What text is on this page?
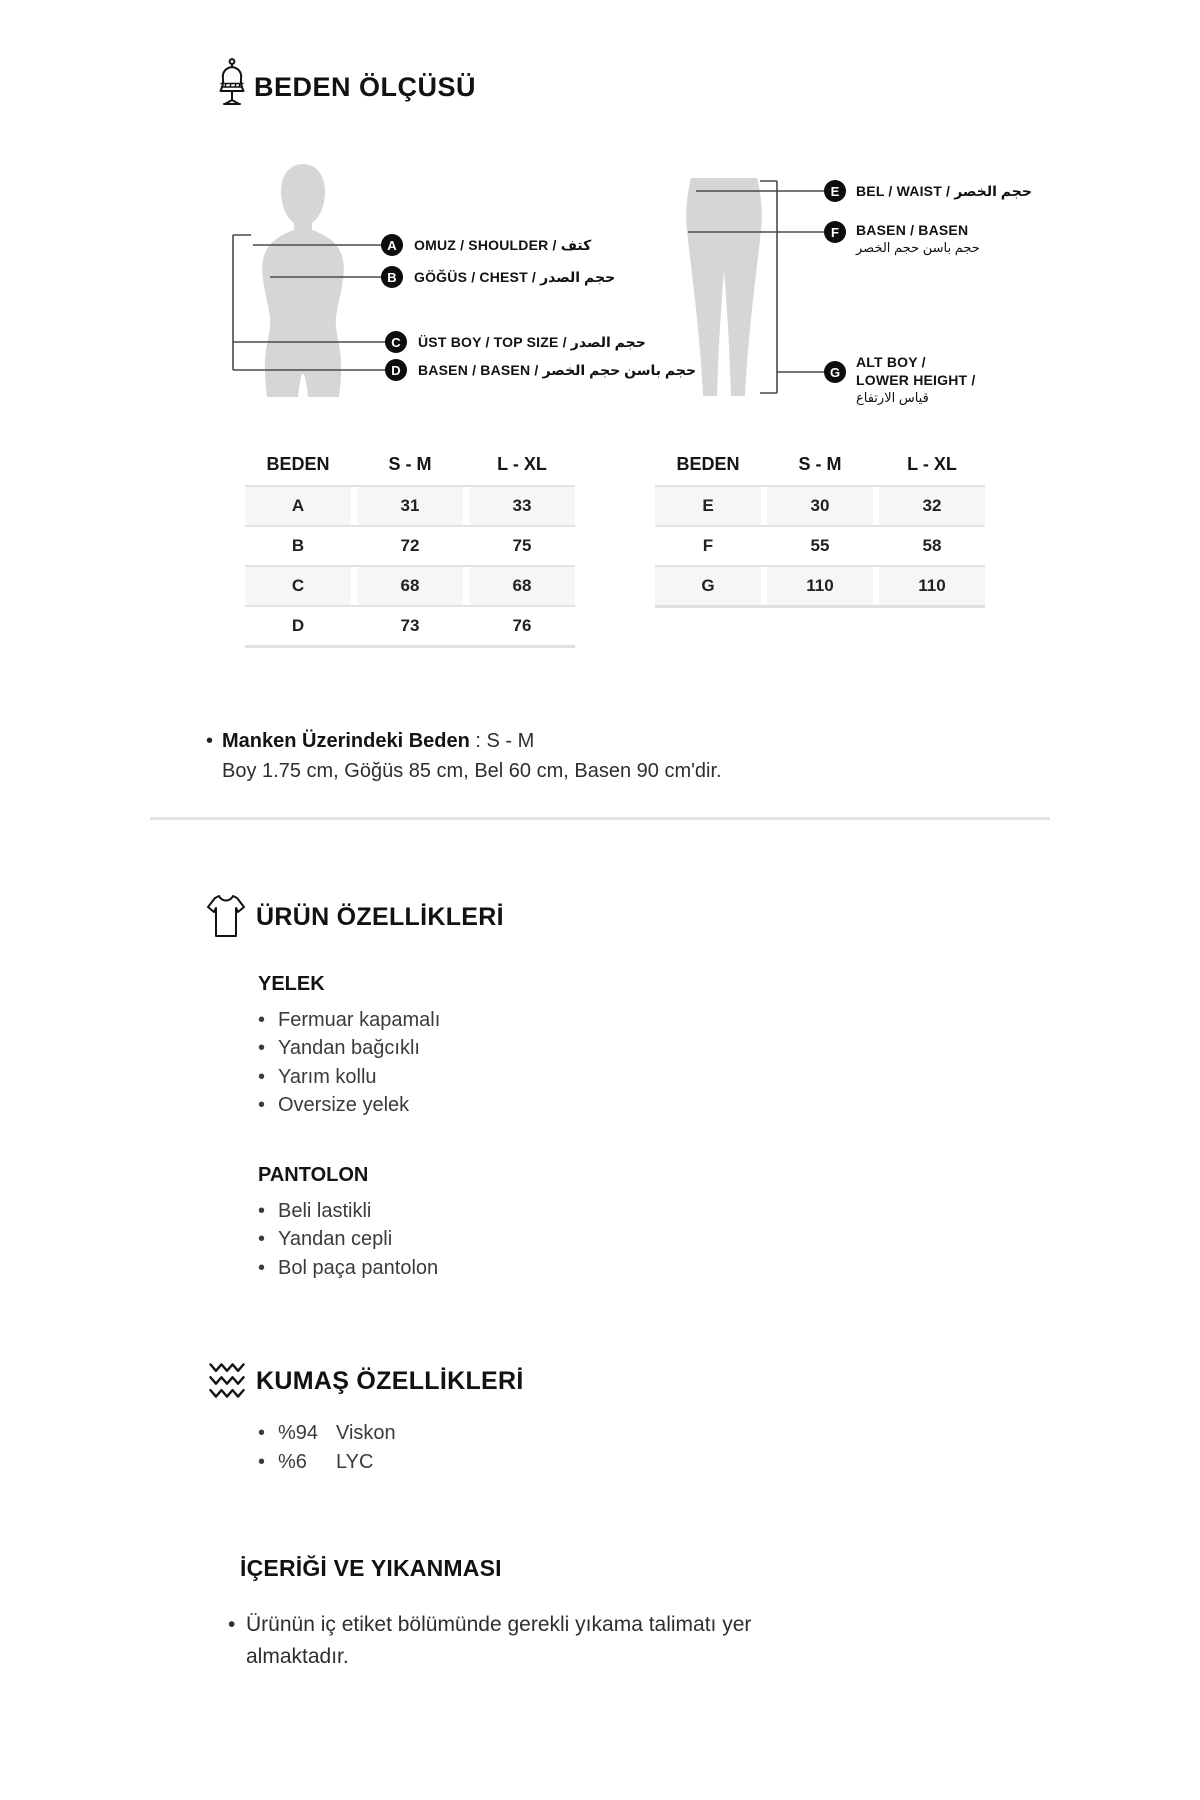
BEDEN ÖLÇÜSÜ
A
B
C
D
E
F
G
OMUZ / SHOULDER / كتف
GÖĞÜS / CHEST / حجم الصدر
ÜST BOY / TOP SIZE / حجم الصدر
BASEN / BASEN / حجم باسن حجم الخصر
BEL / WAIST / حجم الخصر
BASEN / BASEN
حجم باسن حجم الخصر
ALT BOY /
LOWER HEIGHT /
قياس الارتفاع
BEDEN	S - M	L - XL
A	31	33
B	72	75
C	68	68
D	73	76
BEDEN	S - M	L - XL
E	30	32
F	55	58
G	110	110
• Manken Üzerindeki Beden : S - M
Boy 1.75 cm, Göğüs 85 cm, Bel 60 cm, Basen 90 cm'dir.
ÜRÜN ÖZELLİKLERİ
YELEK
• Fermuar kapamalı
• Yandan bağcıklı
• Yarım kollu
• Oversize yelek
PANTOLON
• Beli lastikli
• Yandan cepli
• Bol paça pantolon
KUMAŞ ÖZELLİKLERİ
• %94 Viskon
• %6	LYC
İÇERİĞİ VE YIKANMASI
• Ürünün iç etiket bölümünde gerekli yıkama talimatı yer
almaktadır.
